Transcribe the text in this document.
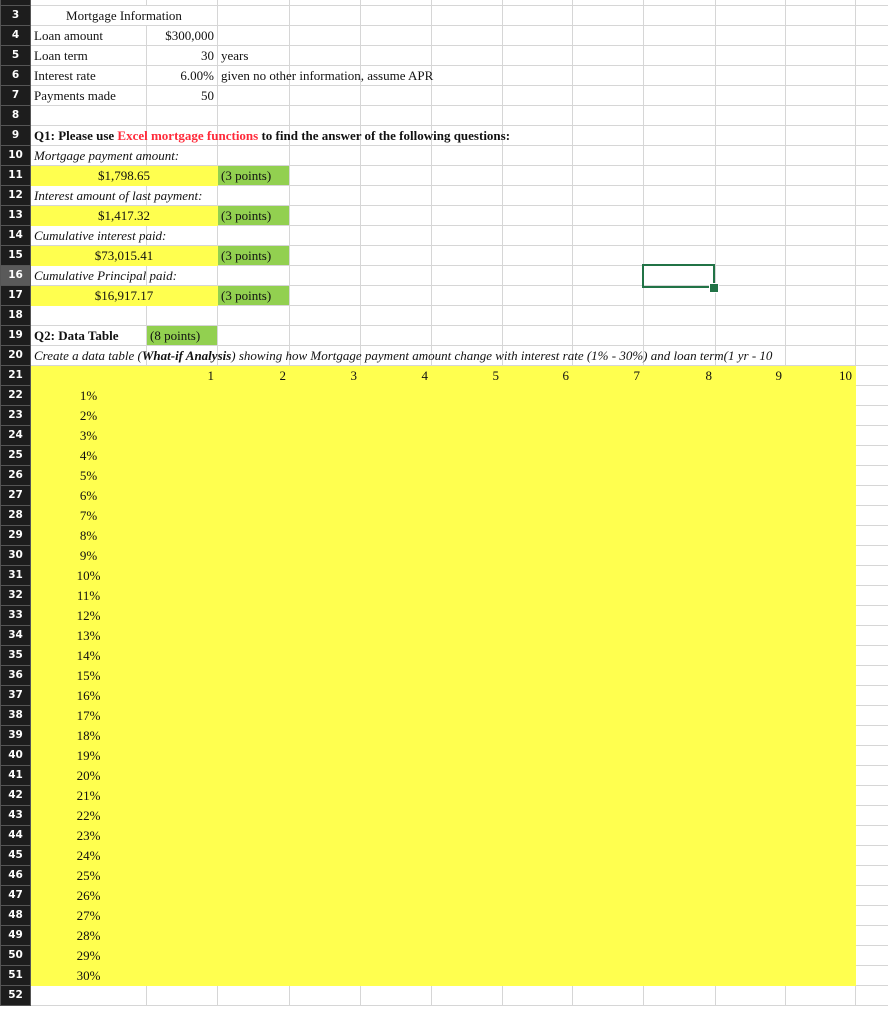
3	Mortgage Information											
4	Loan amount	$300,000										
5	Loan term	30	years									

6	Interest rate	6.00%	given no other information, assume APR									

7	Payments made	50										
8												
9	Q1: Please use Excel mortgage functions to find the answer of the following questions:											

10	Mortgage payment amount:											

11	$1,798.65		(3 points)									
12	Interest amount of last payment:											

13	$1,417.32		(3 points)									
14	Cumulative interest paid:											

15	$73,015.41		(3 points)									
16	Cumulative Principal paid:											

17	$16,917.17		(3 points)									
18												
19	Q2: Data Table	(8 points)										
20	Create a data table (What-if Analysis) showing how Mortgage payment amount change with interest rate (1% - 30%) and loan term(1 yr - 10											

21		1	2	3	4	5	6	7	8	9	10	
22	1%											
23	2%											
24	3%											
25	4%											
26	5%											
27	6%											
28	7%											
29	8%											
30	9%											
31	10%											
32	11%											
33	12%											
34	13%											
35	14%											
36	15%											
37	16%											
38	17%											
39	18%											
40	19%											
41	20%											
42	21%											
43	22%											
44	23%											
45	24%											
46	25%											
47	26%											
48	27%											
49	28%											
50	29%											
51	30%											
52												
